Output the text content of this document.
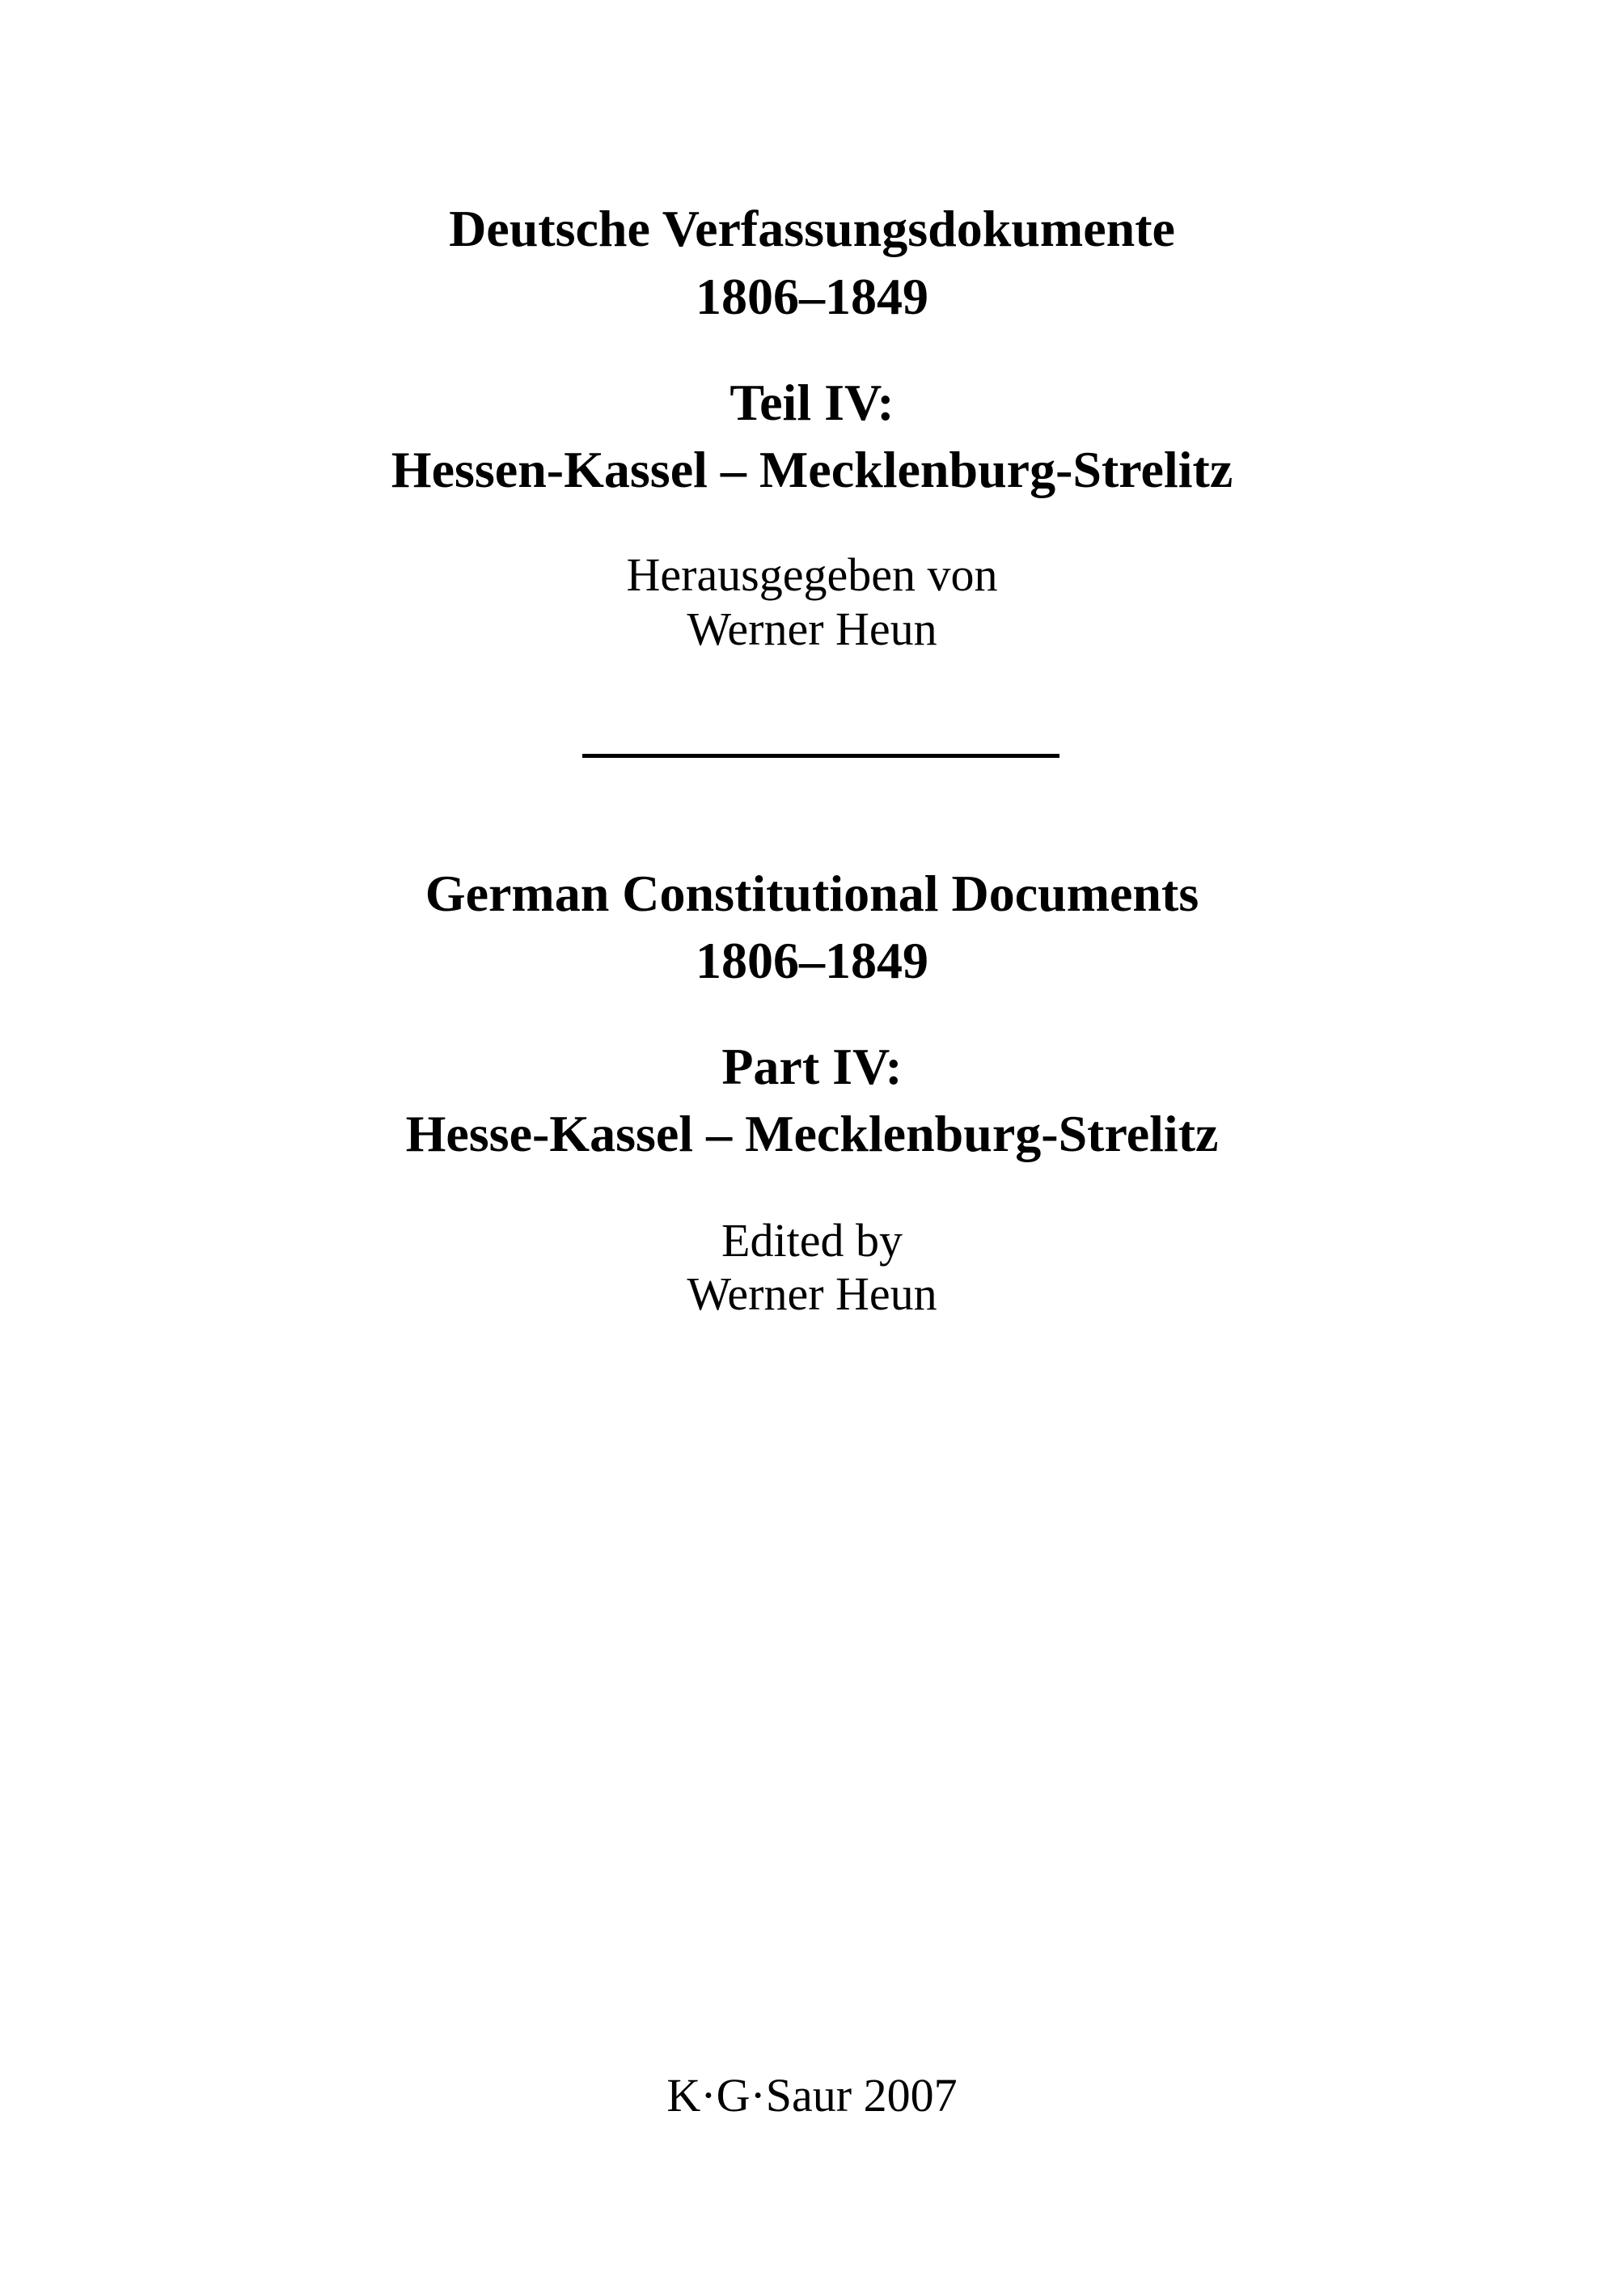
Deutsche Verfassungsdokumente
1806–1849
Teil IV:
Hessen-Kassel – Mecklenburg-Strelitz
Herausgegeben von
Werner Heun
German Constitutional Documents
1806–1849
Part IV:
Hesse-Kassel – Mecklenburg-Strelitz
Edited by
Werner Heun
K·G·Saur 2007
